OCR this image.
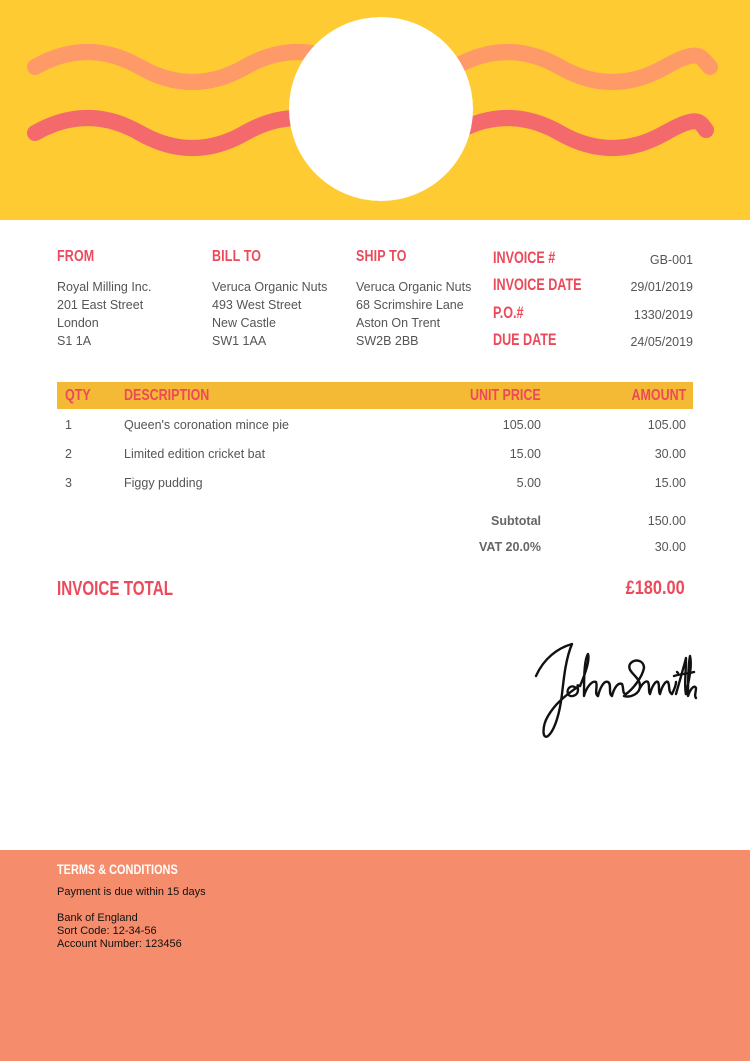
FROM
Royal Milling Inc.
201 East Street
London
S1 1A
BILL TO
Veruca Organic Nuts
493 West Street
New Castle
SW1 1AA
SHIP TO
Veruca Organic Nuts
68 Scrimshire Lane
Aston On Trent
SW2B 2BB
INVOICE #	GB-001
INVOICE DATE	29/01/2019
P.O.#	1330/2019
DUE DATE	24/05/2019
QTY DESCRIPTION	UNIT PRICE	AMOUNT
1	Queen's coronation mince pie	105.00	105.00
2	Limited edition cricket bat	15.00	30.00
3	Figgy pudding	5.00	15.00
Subtotal	150.00
VAT 20.0%	30.00
INVOICE TOTAL	£180.00
TERMS & CONDITIONS
Payment is due within 15 days
Bank of England
Sort Code: 12-34-56
Account Number: 123456
